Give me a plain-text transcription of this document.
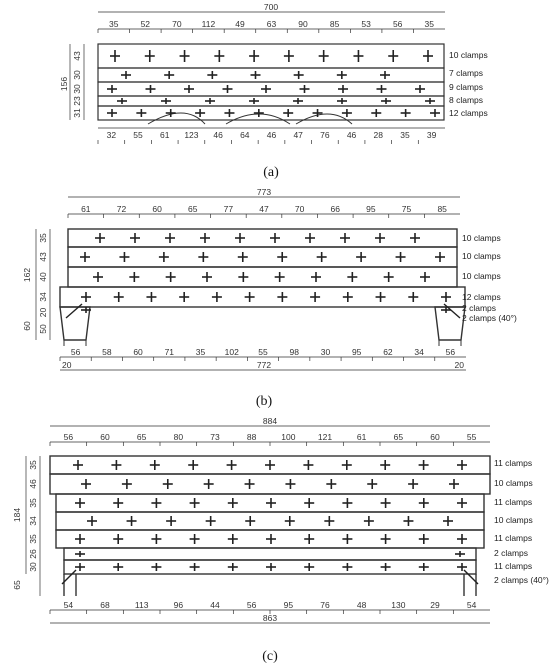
700
35	52	70 112 49	63	90	85	53	56	35
156
43
30
30
23
31
32 55 61 123 46 64 46 47 76 46 28 35 39
10 clamps
7 clamps
9 clamps
8 clamps
12 clamps
(a)
773
61	72	60	65	77	47	70	66	95	75	85
162
60
35
43
40
34
20
50
56	58	60	71	35 102 55	98	30	95	62	34	56
772
20	20
10 clamps
10 clamps
10 clamps
12 clamps
2 clamps
2 clamps (40°)
(b)
884
56	60	65	80	73	88	100	121	61	65	60	55
184
65
35
46
35
34
35
26
30
54	68	113	96	44	56	95	76	48	130	29	54
863
11 clamps
10 clamps
11 clamps
10 clamps
11 clamps
2 clamps
11 clamps
2 clamps (40°)
(c)
